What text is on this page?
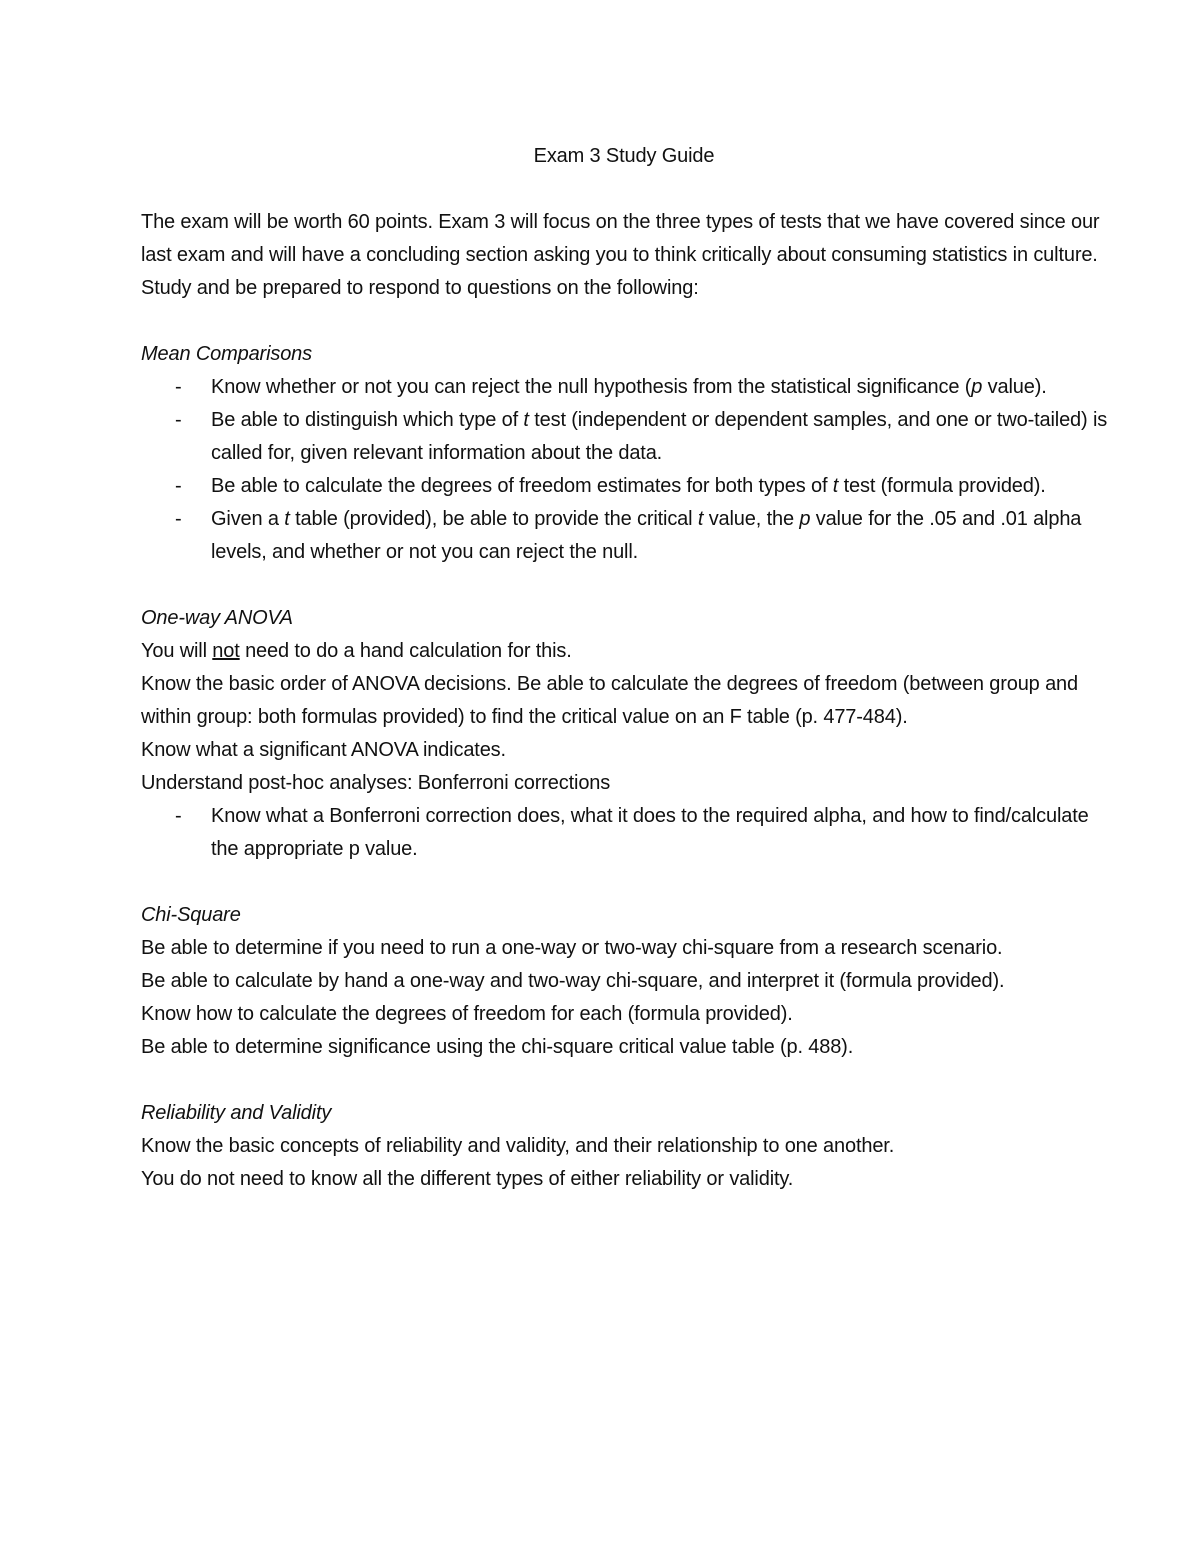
Exam 3 Study Guide

The exam will be worth 60 points. Exam 3 will focus on the three types of tests that we have covered since our last exam and will have a concluding section asking you to think critically about consuming statistics in culture. Study and be prepared to respond to questions on the following:

Mean Comparisons

- Know whether or not you can reject the null hypothesis from the statistical significance (p value).
- Be able to distinguish which type of t test (independent or dependent samples, and one or two-tailed) is called for, given relevant information about the data.
- Be able to calculate the degrees of freedom estimates for both types of t test (formula provided).
- Given a t table (provided), be able to provide the critical t value, the p value for the .05 and .01 alpha levels, and whether or not you can reject the null.

One-way ANOVA

You will not need to do a hand calculation for this.

Know the basic order of ANOVA decisions. Be able to calculate the degrees of freedom (between group and within group: both formulas provided) to find the critical value on an F table (p. 477-484).

Know what a significant ANOVA indicates.

Understand post-hoc analyses: Bonferroni corrections

- Know what a Bonferroni correction does, what it does to the required alpha, and how to find/calculate the appropriate p value.

Chi-Square

Be able to determine if you need to run a one-way or two-way chi-square from a research scenario.

Be able to calculate by hand a one-way and two-way chi-square, and interpret it (formula provided).

Know how to calculate the degrees of freedom for each (formula provided).

Be able to determine significance using the chi-square critical value table (p. 488).

Reliability and Validity

Know the basic concepts of reliability and validity, and their relationship to one another.

You do not need to know all the different types of either reliability or validity.
